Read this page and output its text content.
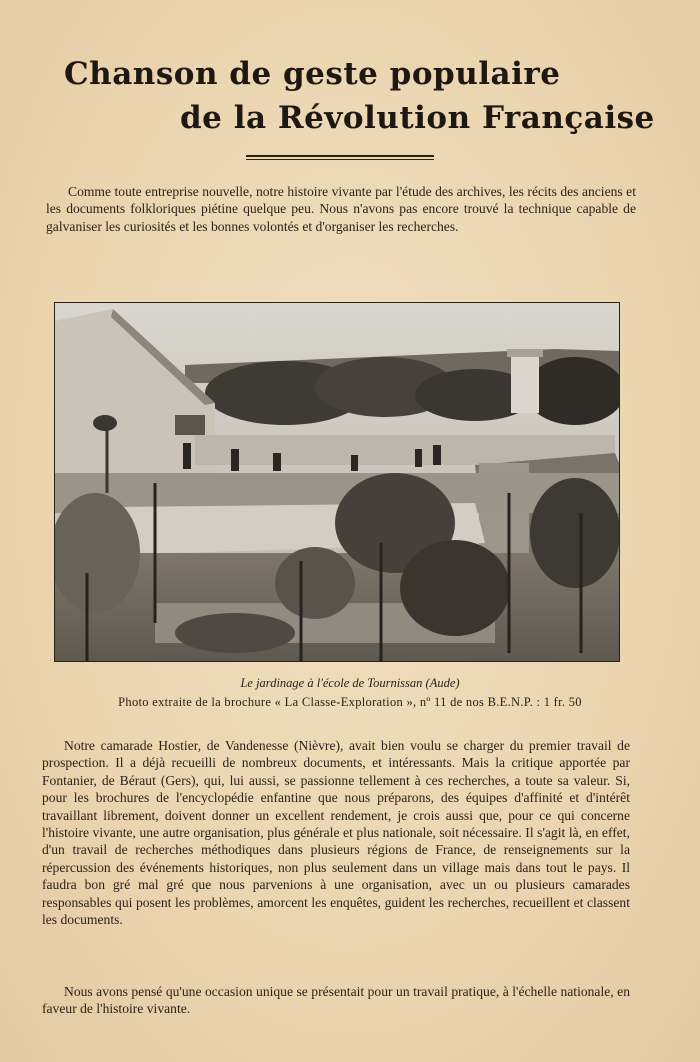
Chanson de geste populaire
de la Révolution Française

Comme toute entreprise nouvelle, notre histoire vivante par l'étude des archives, les récits des anciens et les documents folkloriques piétine quelque peu. Nous n'avons pas encore trouvé la technique capable de galvaniser les curiosités et les bonnes volontés et d'organiser les recherches.

Le jardinage à l'école de Tournissan (Aude)

Photo extraite de la brochure « La Classe-Exploration », nº 11 de nos B.E.N.P. : 1 fr. 50

Notre camarade Hostier, de Vandenesse (Nièvre), avait bien voulu se charger du premier travail de prospection. Il a déjà recueilli de nombreux documents, et intéressants. Mais la critique apportée par Fontanier, de Béraut (Gers), qui, lui aussi, se passionne tellement à ces recherches, a toute sa valeur. Si, pour les brochures de l'encyclopédie enfantine que nous préparons, des équipes d'affinité et d'intérêt travaillant librement, doivent donner un excellent rendement, je crois aussi que, pour ce qui concerne l'histoire vivante, une autre organisation, plus générale et plus nationale, soit nécessaire. Il s'agit là, en effet, d'un travail de recherches méthodiques dans plusieurs régions de France, de renseignements sur la répercussion des événements historiques, non plus seulement dans un village mais dans tout le pays. Il faudra bon gré mal gré que nous parvenions à une organisation, avec un ou plusieurs camarades responsables qui posent les problèmes, amorcent les enquêtes, guident les recherches, recueillent et classent les documents.

Nous avons pensé qu'une occasion unique se présentait pour un travail pratique, à l'échelle nationale, en faveur de l'histoire vivante.
